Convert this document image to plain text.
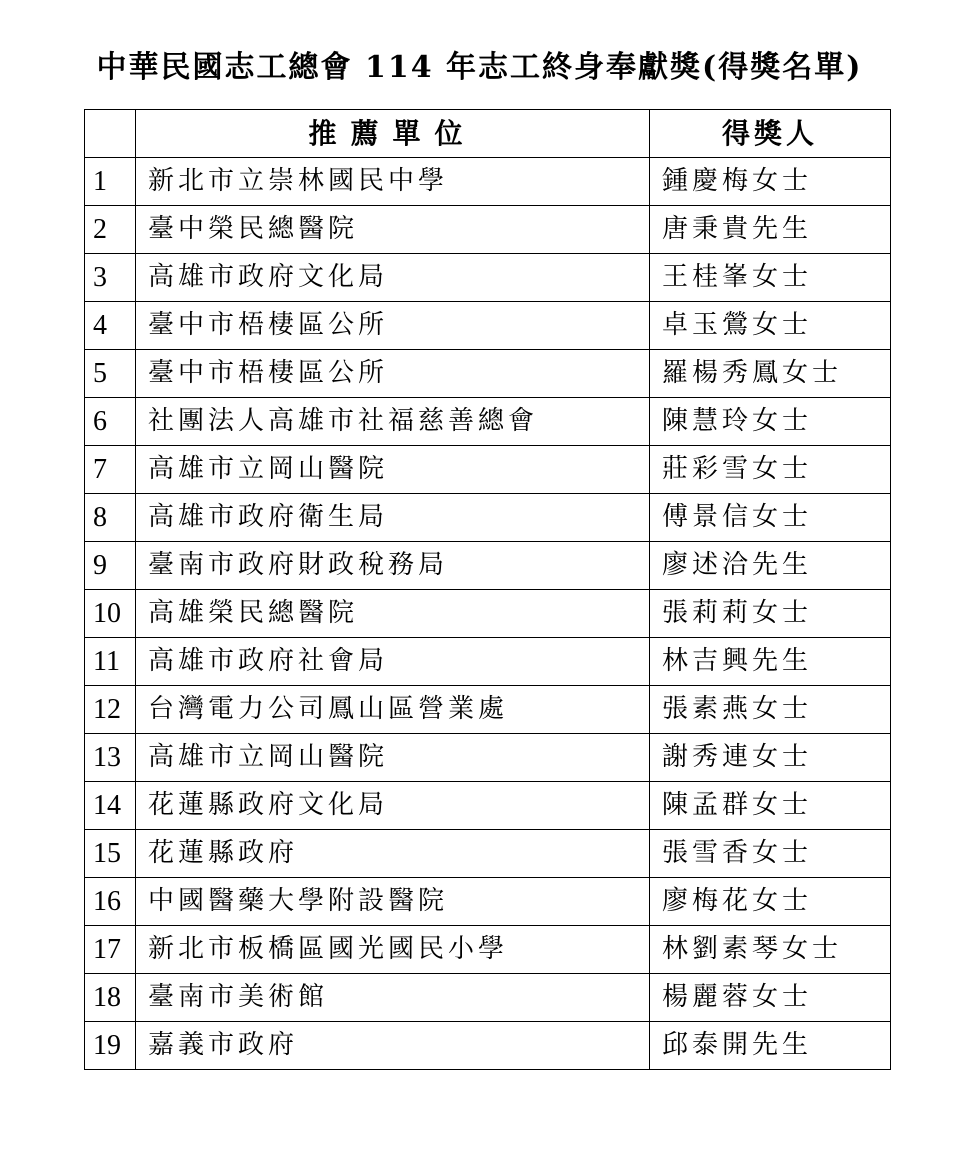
中華民國志工總會 114 年志工終身奉獻獎(得獎名單)
	推薦單位	得獎人
1	新北市立崇林國民中學	鍾慶梅女士
2	臺中榮民總醫院	唐秉貴先生
3	高雄市政府文化局	王桂峯女士
4	臺中市梧棲區公所	卓玉鶯女士
5	臺中市梧棲區公所	羅楊秀鳳女士
6	社團法人高雄市社福慈善總會	陳慧玲女士
7	高雄市立岡山醫院	莊彩雪女士
8	高雄市政府衛生局	傅景信女士
9	臺南市政府財政稅務局	廖述洽先生
10	高雄榮民總醫院	張莉莉女士
11	高雄市政府社會局	林吉興先生
12	台灣電力公司鳳山區營業處	張素燕女士
13	高雄市立岡山醫院	謝秀連女士
14	花蓮縣政府文化局	陳孟群女士
15	花蓮縣政府	張雪香女士
16	中國醫藥大學附設醫院	廖梅花女士
17	新北市板橋區國光國民小學	林劉素琴女士
18	臺南市美術館	楊麗蓉女士
19	嘉義市政府	邱泰開先生
